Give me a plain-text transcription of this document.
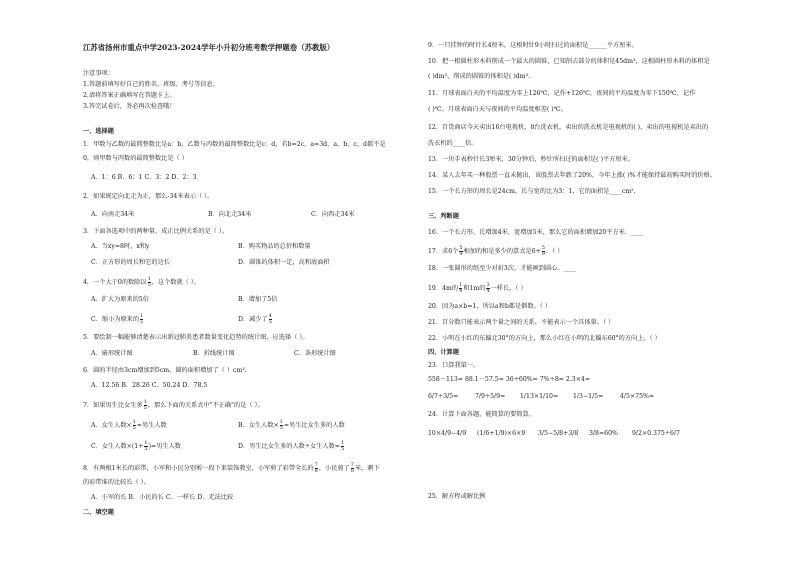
江苏省扬州市重点中学2023-2024学年小升初分班考数学押题卷（苏教版）
注意事项：
1.答题前填写好自己的姓名、班级、考号等信息。
2.请将答案正确填写在答题卡上。
3.答完试卷后，务必再次检查哦！
一、选择题
1．甲数与乙数的最简整数比是a：b，乙数与丙数的最简整数比是c：d，若b=2c，a=3d，a、b、c、d都不是
0，则甲数与丙数的最简整数比是（ ）
A．1：6 B．6：1 C．3：2 D．2：3
2．如果规定向北走为正，那么-34米表示（ ）。
A．向南走34米	B．向北走34米	C．向西走34米
3．下面各选项中的两种量，成正比例关系的是（ ）。
A．当xy=8时，x和y	B．购买物品的总价和数量
C．正方形的周长和它的边长	D．圆锥的体积一定，高和底面积
4．一个大于0的数除以 $\frac{1}{5}$ ，这个数就（ ）。
A．扩大为原来的5倍	B．增加了5倍
C．缩小为原来的 $\frac{1}{5}$	D．减少了 $\frac{4}{5}$
5．要绘制一幅能够清楚表示出新冠肺炎患者数量变化趋势的统计图，应选择（ ）。
A．扇形统计图	B．折线统计图	C．条形统计图
6．圆的半径由3cm增加到5cm，圆的面积增加了（ ）cm².
A．12.56 B．28.26 C．50.24 D．78.5
7．如果男生比女生多 $\frac{1}{5}$ ，那么下面的关系式中"不正确"的是（ ）。
A．女生人数× $\frac{1}{5}$ =男生人数	B．女生人数× $\frac{1}{5}$ =男生比女生多的人数
C．女生人数$\times(1+ \frac{1}{5}$ )=男生人数	D．男生比女生多的人数÷女生人数= $\frac{1}{5}$
8．有两根1米长的彩带，小军和小民分别剪一段下来装饰教室，小军剪了彩带全长的 $\frac{7}{8}$ ，小民剪了 $\frac{7}{8}$ 米，剩下
的彩带谁的比较长（ ）。
A．小军的长 B．小民的长 C．一样长 D．无法比较
二、填空题
9．一只挂钟的时针长4厘米，这根时针9小时扫过的面积是______平方厘米。
10．把一根圆柱形木料削成一个最大的圆锥，已知削去部分的体积是45dm³，这根圆柱形木料的体积是
( )dm³，削成的圆锥的体积是( )dm³.
11．月球表面白天的平均温度为零上126℃，记作+126℃，夜间的平均温度为零下150℃，记作
( )℃。月球表面白天与夜间的平均温度相差( )℃。
12．百货商店今天卖出16台电视机，8台洗衣机，卖出的洗衣机是电视机的( )，卖出的电视机是卖出的
洗衣机的____倍。
13．一块手表秒针长3厘米，30分钟后，秒针所扫过的面积是( )平方厘米。
14．某人去年买一种股票一直未抛出，该股票去年跌了20%，今年上涨( )%才能保持最初购买时的价格。
15．一个长方形的周长是24cm，长与宽的比为3：1，它的面积是____cm².
三、判断题
16．一个长方形，长增加4米，宽增加5米，那么它的面积增加20平方米．____
17．求6个 $\frac{5}{9}$ 相加的和是多少的算式是$6+ \frac{5}{9}$ ．（ ）
18．一张圆形的纸至少对折3次，才能画到圆心。____
19．4m的 $\frac{1}{4}$ 和1m的 $\frac{3}{4}$ 一样长。（ ）
20．因为a×b=1，所以a和b都是倒数。（ ）
21．百分数只能表示两个量之间的关系，不能表示一个具体量。（ ）
22．小明在小红的东偏北30°的方向上，那么小红在小明的北偏东60°的方向上。（ ）
四、计算题
23．口算我第一。
558－113= 88.1－57.5= 36÷60%= 7%÷8= 2.3×4=
6/7÷3/5=	7/9÷5/9= 1/13×1/10= 1/3−1/5=	4/5×75%=
24．计算下面各题，能简算的要简算。
10×4/9−4/9 (1/6+1/9)×6×9 3/5−5/8+3/8 3/8=60% 9/2×0.375÷6/7
25．解方程或解比例
